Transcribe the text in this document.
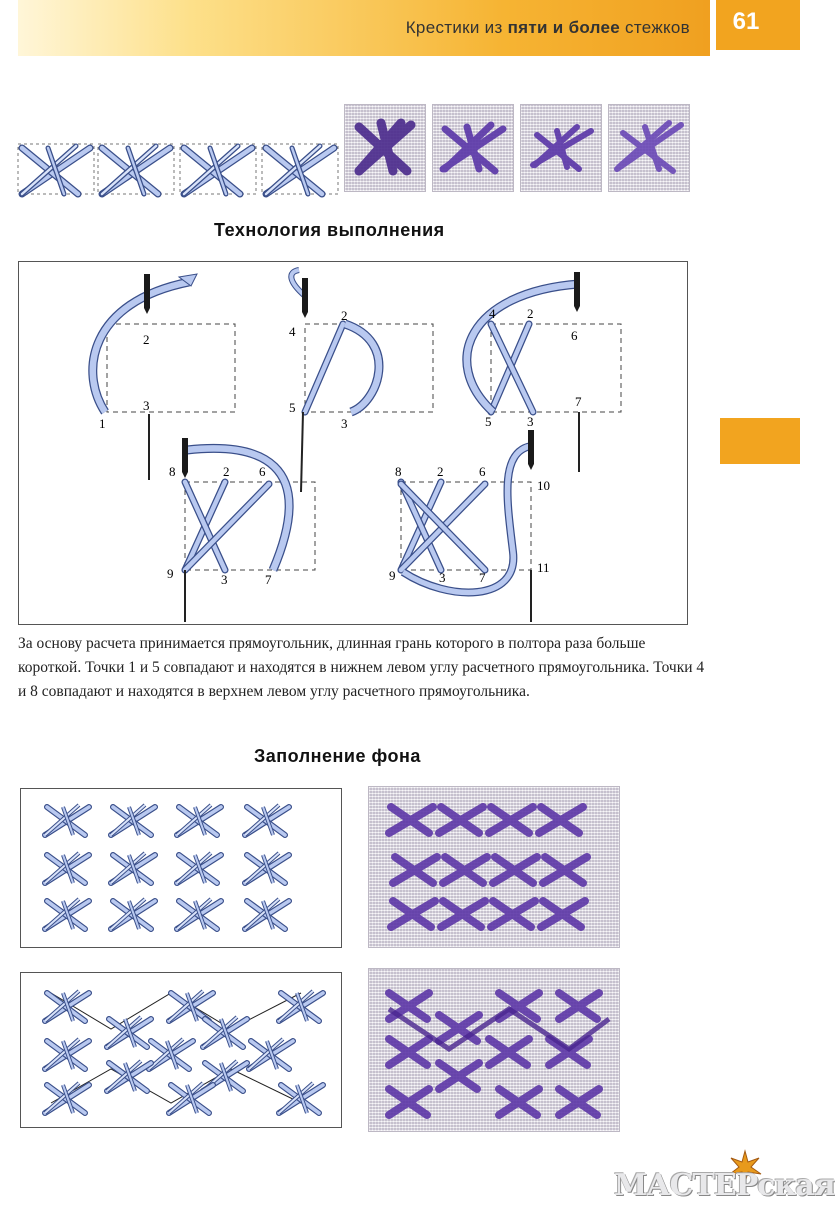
Крестики из пяти и более стежков	61
Технология выполнения
2
3
1
2
4
5
3
4 2
6
7
5	3
8	2 6
9	3	7
8	2	6
10
9	3	7
11
За основу расчета принимается прямоугольник, длинная грань которого в полтора раза больше короткой. Точки 1 и 5 совпадают и находятся в нижнем левом углу расчетного прямоугольника. Точки 4 и 8 совпадают и находятся в верхнем левом углу расчетного прямоугольника.
Заполнение фона
МАСТЕРская
